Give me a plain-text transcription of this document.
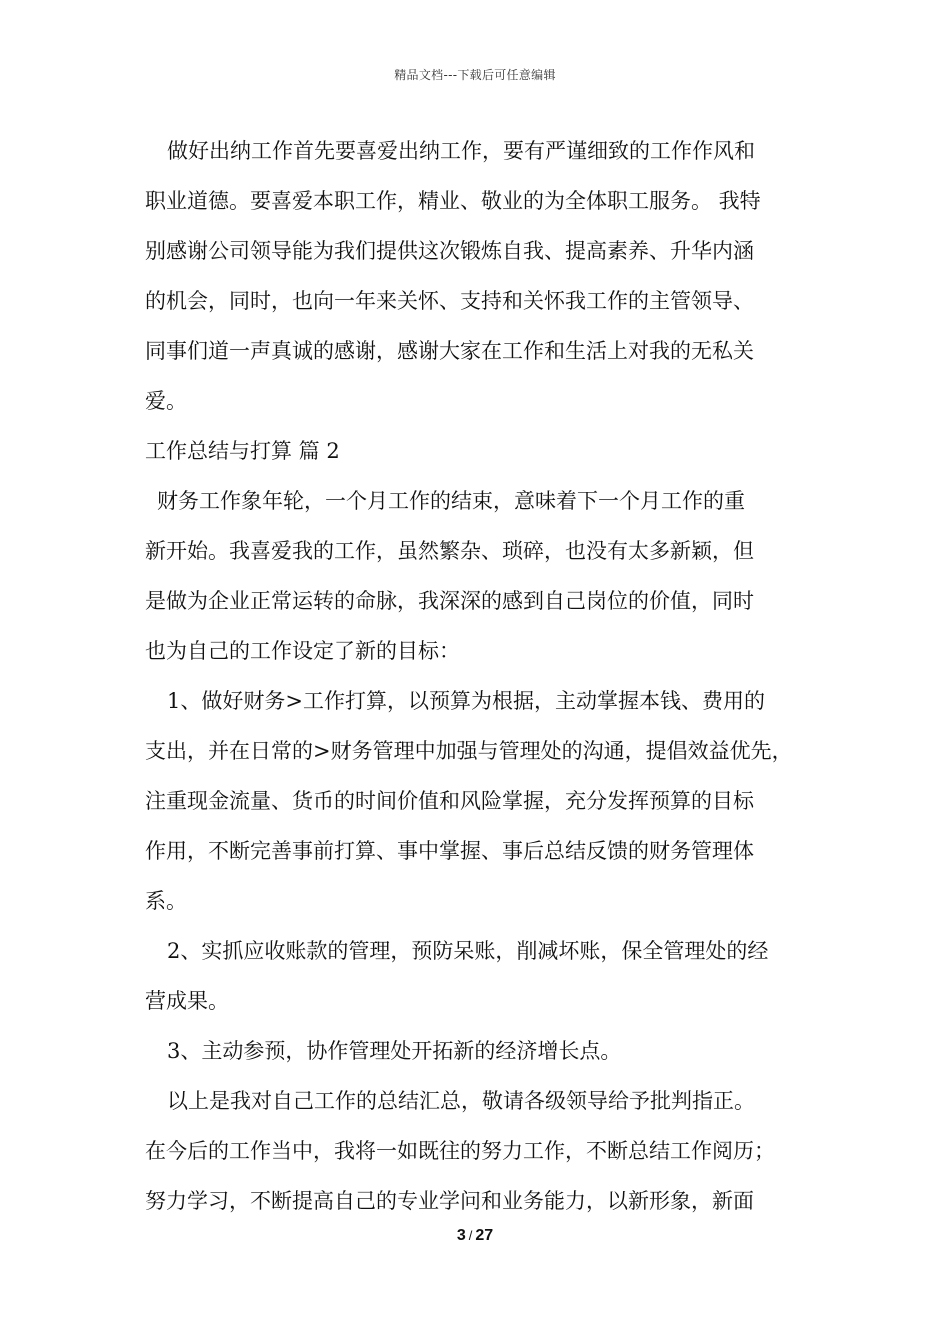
精品文档---下载后可任意编辑

做好出纳工作首先要喜爱出纳工作，要有严谨细致的工作作风和

职业道德。要喜爱本职工作，精业、敬业的为全体职工服务。 我特

别感谢公司领导能为我们提供这次锻炼自我、提高素养、升华内涵

的机会，同时，也向一年来关怀、支持和关怀我工作的主管领导、

同事们道一声真诚的感谢，感谢大家在工作和生活上对我的无私关

爱。

工作总结与打算 篇 2

财务工作象年轮，一个月工作的结束，意味着下一个月工作的重

新开始。我喜爱我的工作，虽然繁杂、琐碎，也没有太多新颖，但

是做为企业正常运转的命脉，我深深的感到自己岗位的价值，同时

也为自己的工作设定了新的目标：

1、做好财务>工作打算，以预算为根据，主动掌握本钱、费用的

支出，并在日常的>财务管理中加强与管理处的沟通，提倡效益优先，

注重现金流量、货币的时间价值和风险掌握，充分发挥预算的目标

作用，不断完善事前打算、事中掌握、事后总结反馈的财务管理体

系。

2、实抓应收账款的管理，预防呆账，削减坏账，保全管理处的经

营成果。

3、主动参预，协作管理处开拓新的经济增长点。

以上是我对自己工作的总结汇总，敬请各级领导给予批判指正。

在今后的工作当中，我将一如既往的努力工作，不断总结工作阅历；

努力学习，不断提高自己的专业学问和业务能力，以新形象，新面

3 / 27
